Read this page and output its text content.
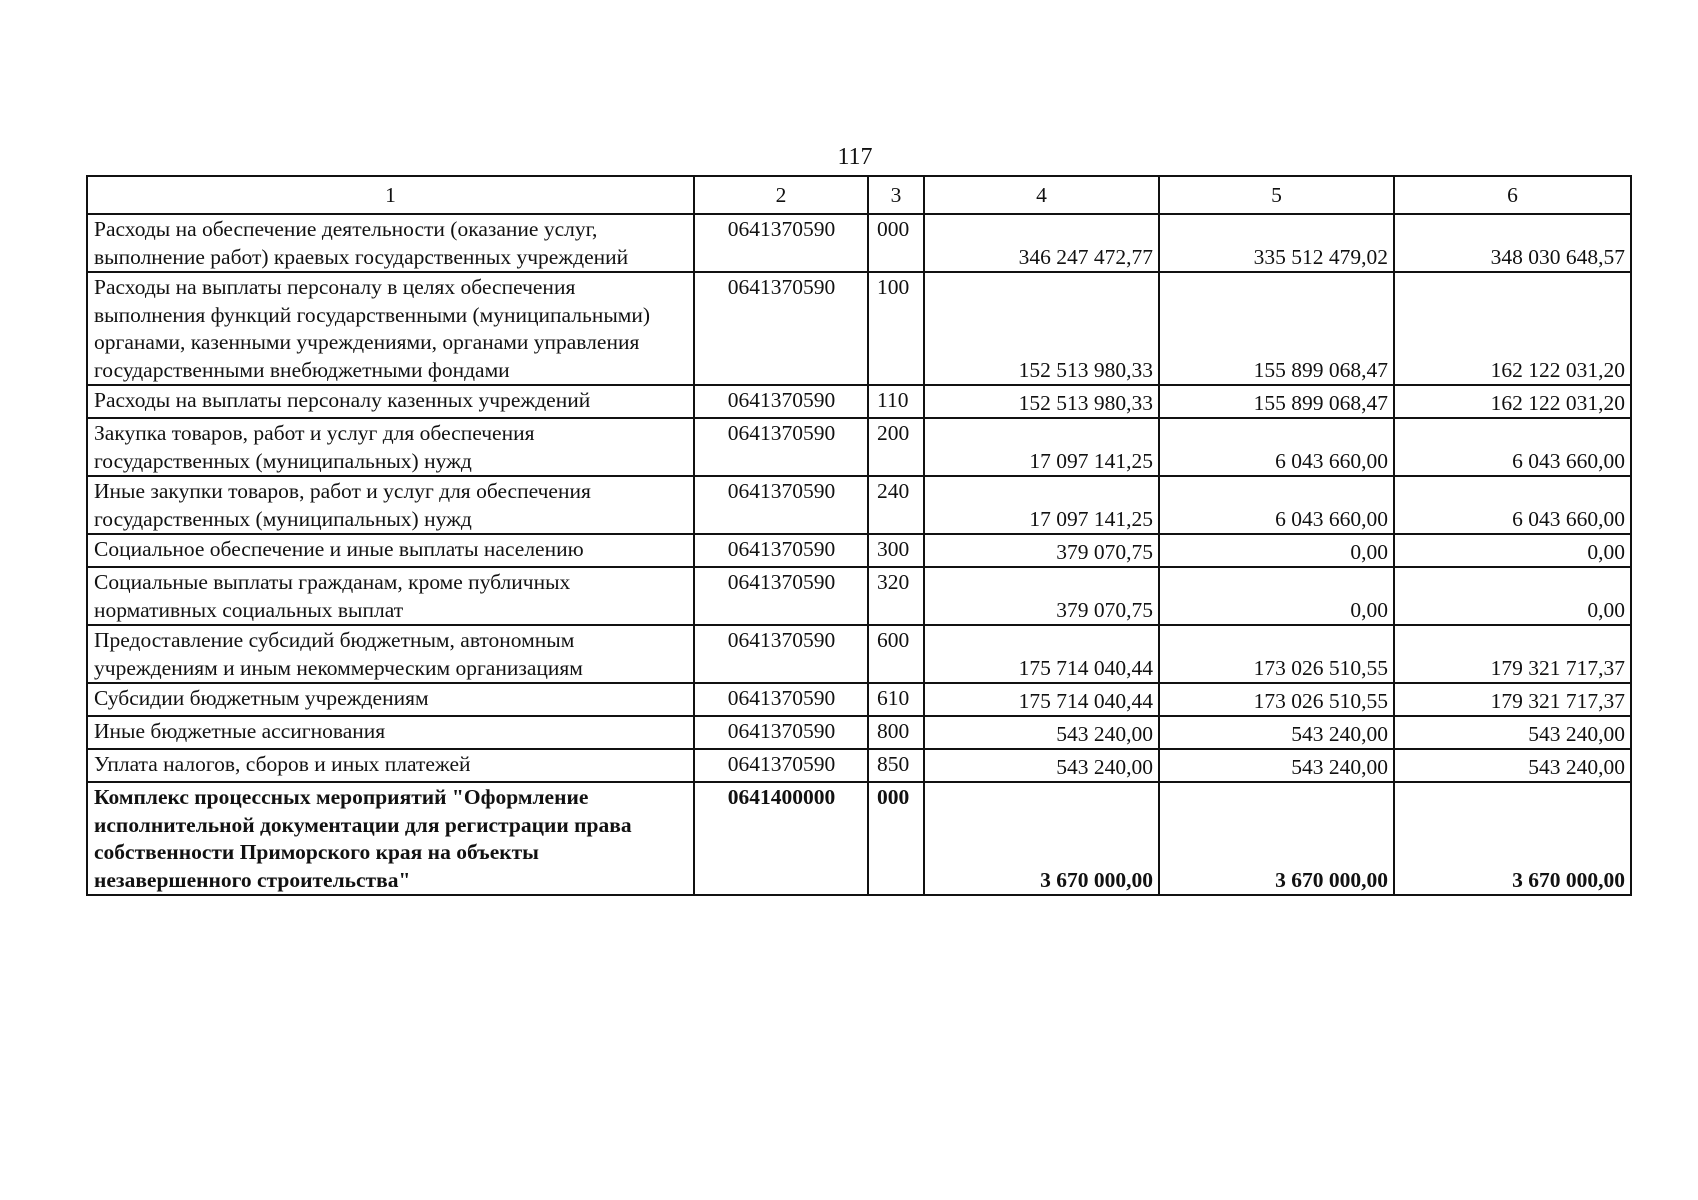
117
1	2	3	4	5	6
Расходы на обеспечение деятельности (оказание услуг, выполнение работ) краевых государственных учреждений	0641370590	000	346 247 472,77	335 512 479,02	348 030 648,57
Расходы на выплаты персоналу в целях обеспечения выполнения функций государственными (муниципальными) органами, казенными учреждениями, органами управления государственными внебюджетными фондами	0641370590	100	152 513 980,33	155 899 068,47	162 122 031,20
Расходы на выплаты персоналу казенных учреждений	0641370590	110	152 513 980,33	155 899 068,47	162 122 031,20
Закупка товаров, работ и услуг для обеспечения государственных (муниципальных) нужд	0641370590	200	17 097 141,25	6 043 660,00	6 043 660,00
Иные закупки товаров, работ и услуг для обеспечения государственных (муниципальных) нужд	0641370590	240	17 097 141,25	6 043 660,00	6 043 660,00
Социальное обеспечение и иные выплаты населению	0641370590	300	379 070,75	0,00	0,00
Социальные выплаты гражданам, кроме публичных нормативных социальных выплат	0641370590	320	379 070,75	0,00	0,00
Предоставление субсидий бюджетным, автономным учреждениям и иным некоммерческим организациям	0641370590	600	175 714 040,44	173 026 510,55	179 321 717,37
Субсидии бюджетным учреждениям	0641370590	610	175 714 040,44	173 026 510,55	179 321 717,37
Иные бюджетные ассигнования	0641370590	800	543 240,00	543 240,00	543 240,00
Уплата налогов, сборов и иных платежей	0641370590	850	543 240,00	543 240,00	543 240,00
Комплекс процессных мероприятий "Оформление исполнительной документации для регистрации права собственности Приморского края на объекты незавершенного строительства"	0641400000	000	3 670 000,00	3 670 000,00	3 670 000,00
